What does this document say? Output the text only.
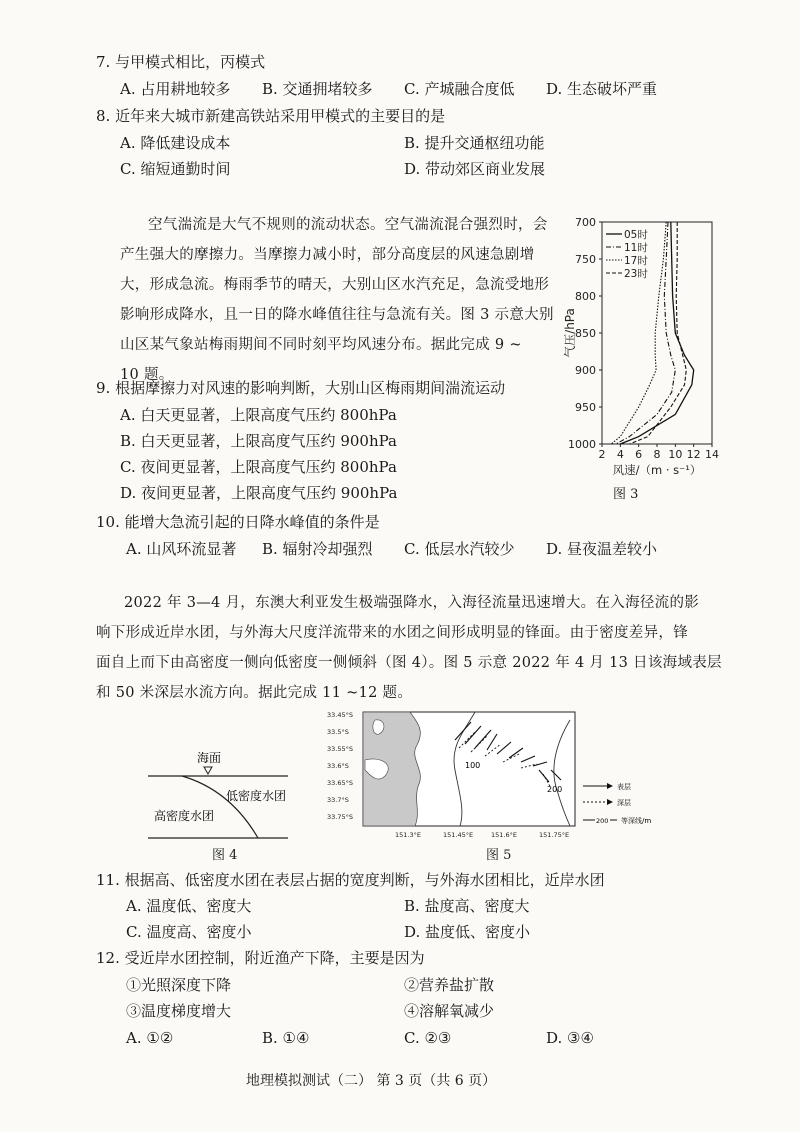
7. 与甲模式相比，丙模式
A. 占用耕地较多 B. 交通拥堵较多 C. 产城融合度低 D. 生态破坏严重
8. 近年来大城市新建高铁站采用甲模式的主要目的是
A. 降低建设成本	B. 提升交通枢纽功能
C. 缩短通勤时间	D. 带动郊区商业发展
空气湍流是大气不规则的流动状态。空气湍流混合强烈时，会
产生强大的摩擦力。当摩擦力减小时，部分高度层的风速急剧增
大，形成急流。梅雨季节的晴天，大别山区水汽充足，急流受地形
影响形成降水，且一日的降水峰值往往与急流有关。图 3 示意大别
山区某气象站梅雨期间不同时刻平均风速分布。据此完成 9 ~
10 题。
700
750
800
850
900
950
1000
2 4 6 8 10 12 14
气压/hPa
风速/（m · s⁻¹）
05时
11时
17时
23时
图 3
9. 根据摩擦力对风速的影响判断，大别山区梅雨期间湍流运动
A. 白天更显著，上限高度气压约 800hPa
B. 白天更显著，上限高度气压约 900hPa
C. 夜间更显著，上限高度气压约 800hPa
D. 夜间更显著，上限高度气压约 900hPa
10. 能增大急流引起的日降水峰值的条件是
A. 山风环流显著 B. 辐射冷却强烈 C. 低层水汽较少 D. 昼夜温差较小
2022 年 3—4 月，东澳大利亚发生极端强降水，入海径流量迅速增大。在入海径流的影
响下形成近岸水团，与外海大尺度洋流带来的水团之间形成明显的锋面。由于密度差异，锋
面自上而下由高密度一侧向低密度一侧倾斜（图 4）。图 5 示意 2022 年 4 月 13 日该海域表层
和 50 米深层水流方向。据此完成 11 ~12 题。
海面
低密度水团
高密度水团
图 4
100
200
33.45°S
33.5°S
33.55°S
33.6°S
33.65°S
33.7°S
33.75°S
151.3°E	151.45°E	151.6°E	151.75°E
表层
深层
200 等深线/m
图 5
11. 根据高、低密度水团在表层占据的宽度判断，与外海水团相比，近岸水团
A. 温度低、密度大	B. 盐度高、密度大
C. 温度高、密度小	D. 盐度低、密度小
12. 受近岸水团控制，附近渔产下降，主要是因为
①光照深度下降	②营养盐扩散
③温度梯度增大	④溶解氧减少
A. ①②	B. ①④	C. ②③	D. ③④
地理模拟测试（二） 第 3 页（共 6 页）
